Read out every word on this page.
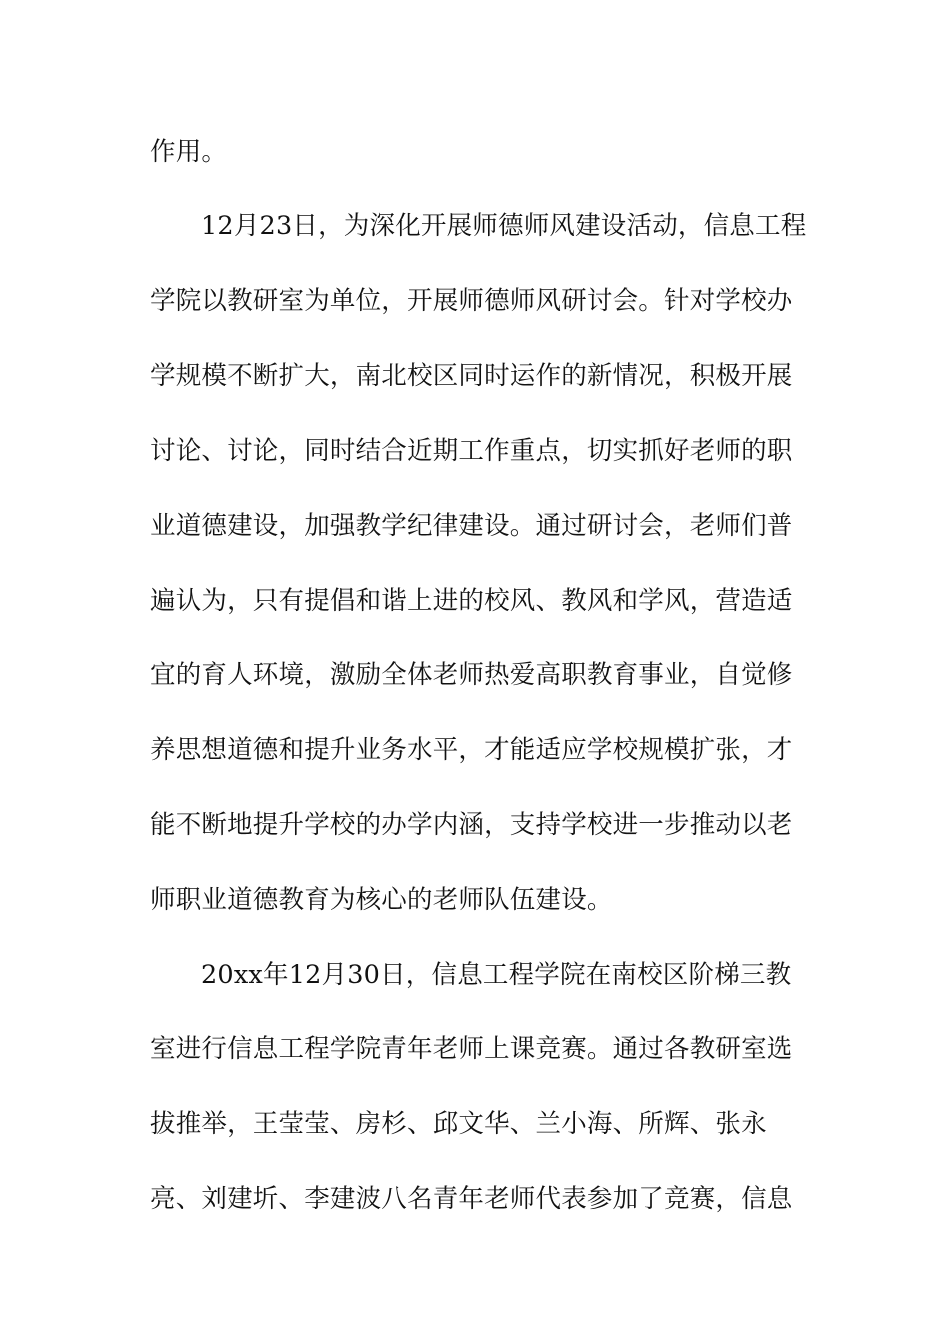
作用。
12月23日，为深化开展师德师风建设活动，信息工程
学院以教研室为单位，开展师德师风研讨会。针对学校办
学规模不断扩大，南北校区同时运作的新情况，积极开展
讨论、讨论，同时结合近期工作重点，切实抓好老师的职
业道德建设，加强教学纪律建设。通过研讨会，老师们普
遍认为，只有提倡和谐上进的校风、教风和学风，营造适
宜的育人环境，激励全体老师热爱高职教育事业，自觉修
养思想道德和提升业务水平，才能适应学校规模扩张，才
能不断地提升学校的办学内涵，支持学校进一步推动以老
师职业道德教育为核心的老师队伍建设。
20xx年12月30日，信息工程学院在南校区阶梯三教
室进行信息工程学院青年老师上课竞赛。通过各教研室选
拔推举，王莹莹、房杉、邱文华、兰小海、所辉、张永
亮、刘建圻、李建波八名青年老师代表参加了竞赛，信息
